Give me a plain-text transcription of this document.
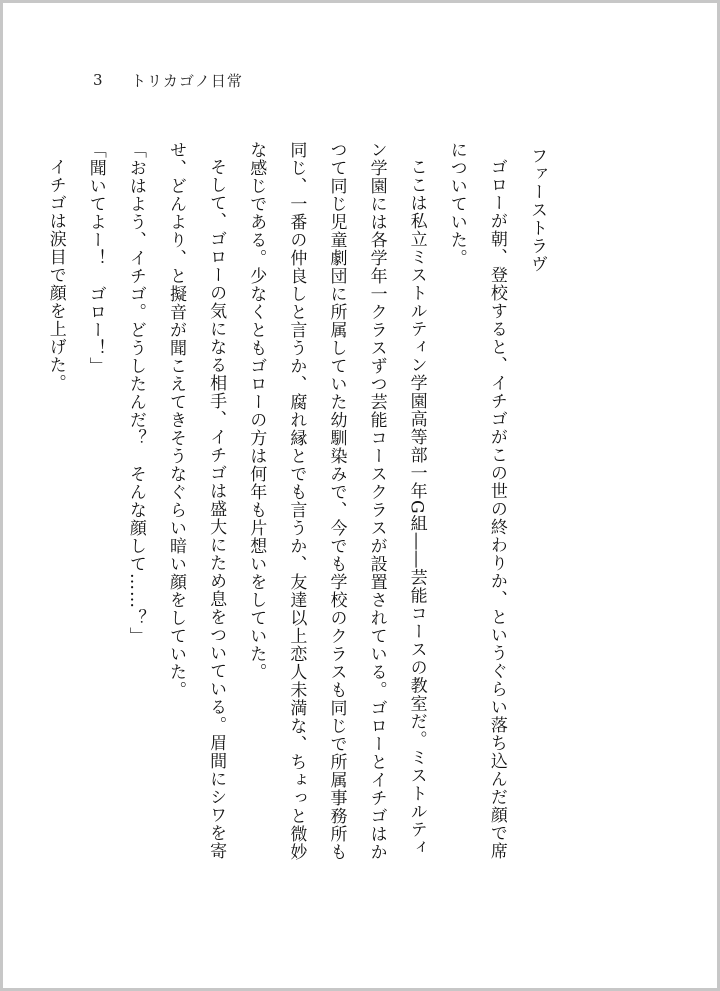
3	トリカゴノ日常

ファーストラヴ

ゴローが朝、登校すると、イチゴがこの世の終わりか、というぐらい落ち込んだ顔で席

についていた。

ここは私立ミストルティン学園高等部一年G組――芸能コースの教室だ。ミストルティ

ン学園には各学年一クラスずつ芸能コースクラスが設置されている。ゴローとイチゴはか

つて同じ児童劇団に所属していた幼馴染みで、今でも学校のクラスも同じで所属事務所も

同じ、一番の仲良しと言うか、腐れ縁とでも言うか、友達以上恋人未満な、ちょっと微妙

な感じである。少なくともゴローの方は何年も片想いをしていた。

そして、ゴローの気になる相手、イチゴは盛大にため息をついている。眉間にシワを寄

せ、どんより、と擬音が聞こえてきそうなぐらい暗い顔をしていた。

「おはよう、イチゴ。どうしたんだ？　そんな顔して……？」

「聞いてよー！　ゴロー！」

イチゴは涙目で顔を上げた。
